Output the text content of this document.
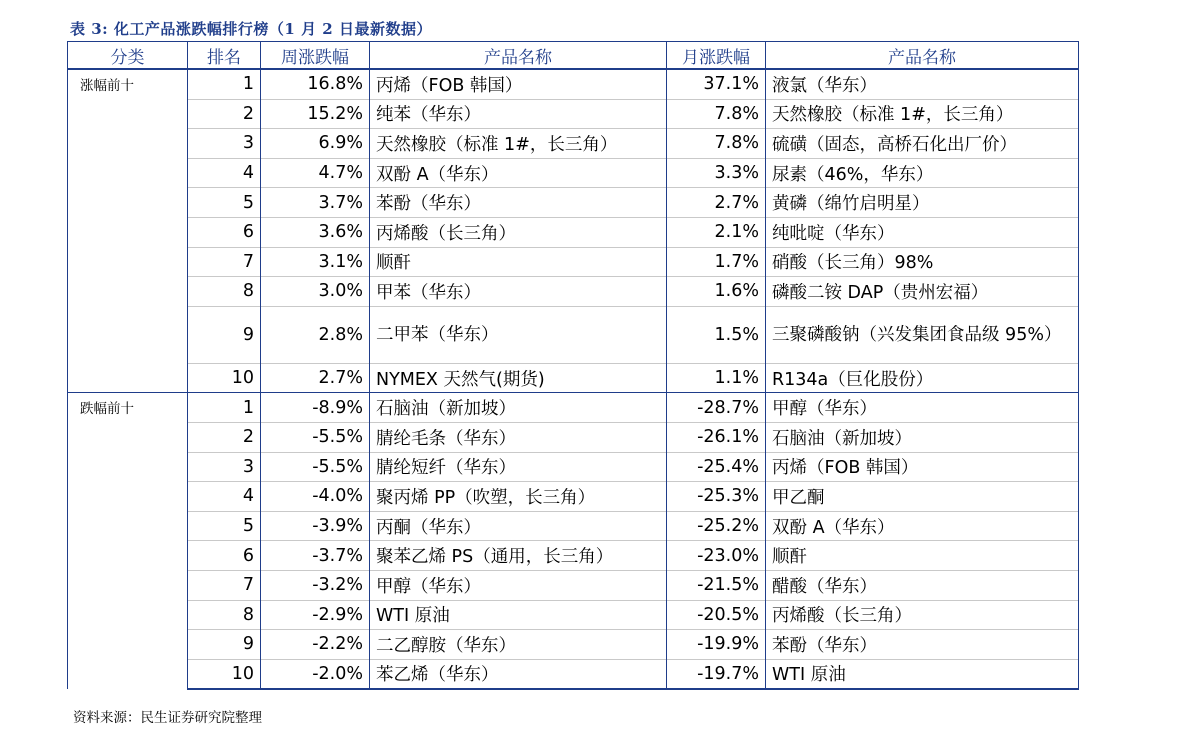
表 3: 化工产品涨跌幅排行榜（1 月 2 日最新数据）
分类	排名	周涨跌幅	产品名称	月涨跌幅	产品名称
涨幅前十	1	16.8%	丙烯（FOB 韩国）	37.1%	液氯（华东）
	2	15.2%	纯苯（华东）	7.8%	天然橡胶（标准 1#，长三角）
	3	6.9%	天然橡胶（标准 1#，长三角）	7.8%	硫磺（固态，高桥石化出厂价）
	4	4.7%	双酚 A（华东）	3.3%	尿素（46%，华东）
	5	3.7%	苯酚（华东）	2.7%	黄磷（绵竹启明星）
	6	3.6%	丙烯酸（长三角）	2.1%	纯吡啶（华东）
	7	3.1%	顺酐	1.7%	硝酸（长三角）98%
	8	3.0%	甲苯（华东）	1.6%	磷酸二铵 DAP（贵州宏福）
	9	2.8%	二甲苯（华东）	1.5%	三聚磷酸钠（兴发集团食品级 95%）
	10	2.7%	NYMEX 天然气(期货)	1.1%	R134a（巨化股份）
跌幅前十	1	-8.9%	石脑油（新加坡）	-28.7%	甲醇（华东）
	2	-5.5%	腈纶毛条（华东）	-26.1%	石脑油（新加坡）
	3	-5.5%	腈纶短纤（华东）	-25.4%	丙烯（FOB 韩国）
	4	-4.0%	聚丙烯 PP（吹塑，长三角）	-25.3%	甲乙酮
	5	-3.9%	丙酮（华东）	-25.2%	双酚 A（华东）
	6	-3.7%	聚苯乙烯 PS（通用，长三角）	-23.0%	顺酐
	7	-3.2%	甲醇（华东）	-21.5%	醋酸（华东）
	8	-2.9%	WTI 原油	-20.5%	丙烯酸（长三角）
	9	-2.2%	二乙醇胺（华东）	-19.9%	苯酚（华东）
	10	-2.0%	苯乙烯（华东）	-19.7%	WTI 原油
资料来源：民生证券研究院整理
